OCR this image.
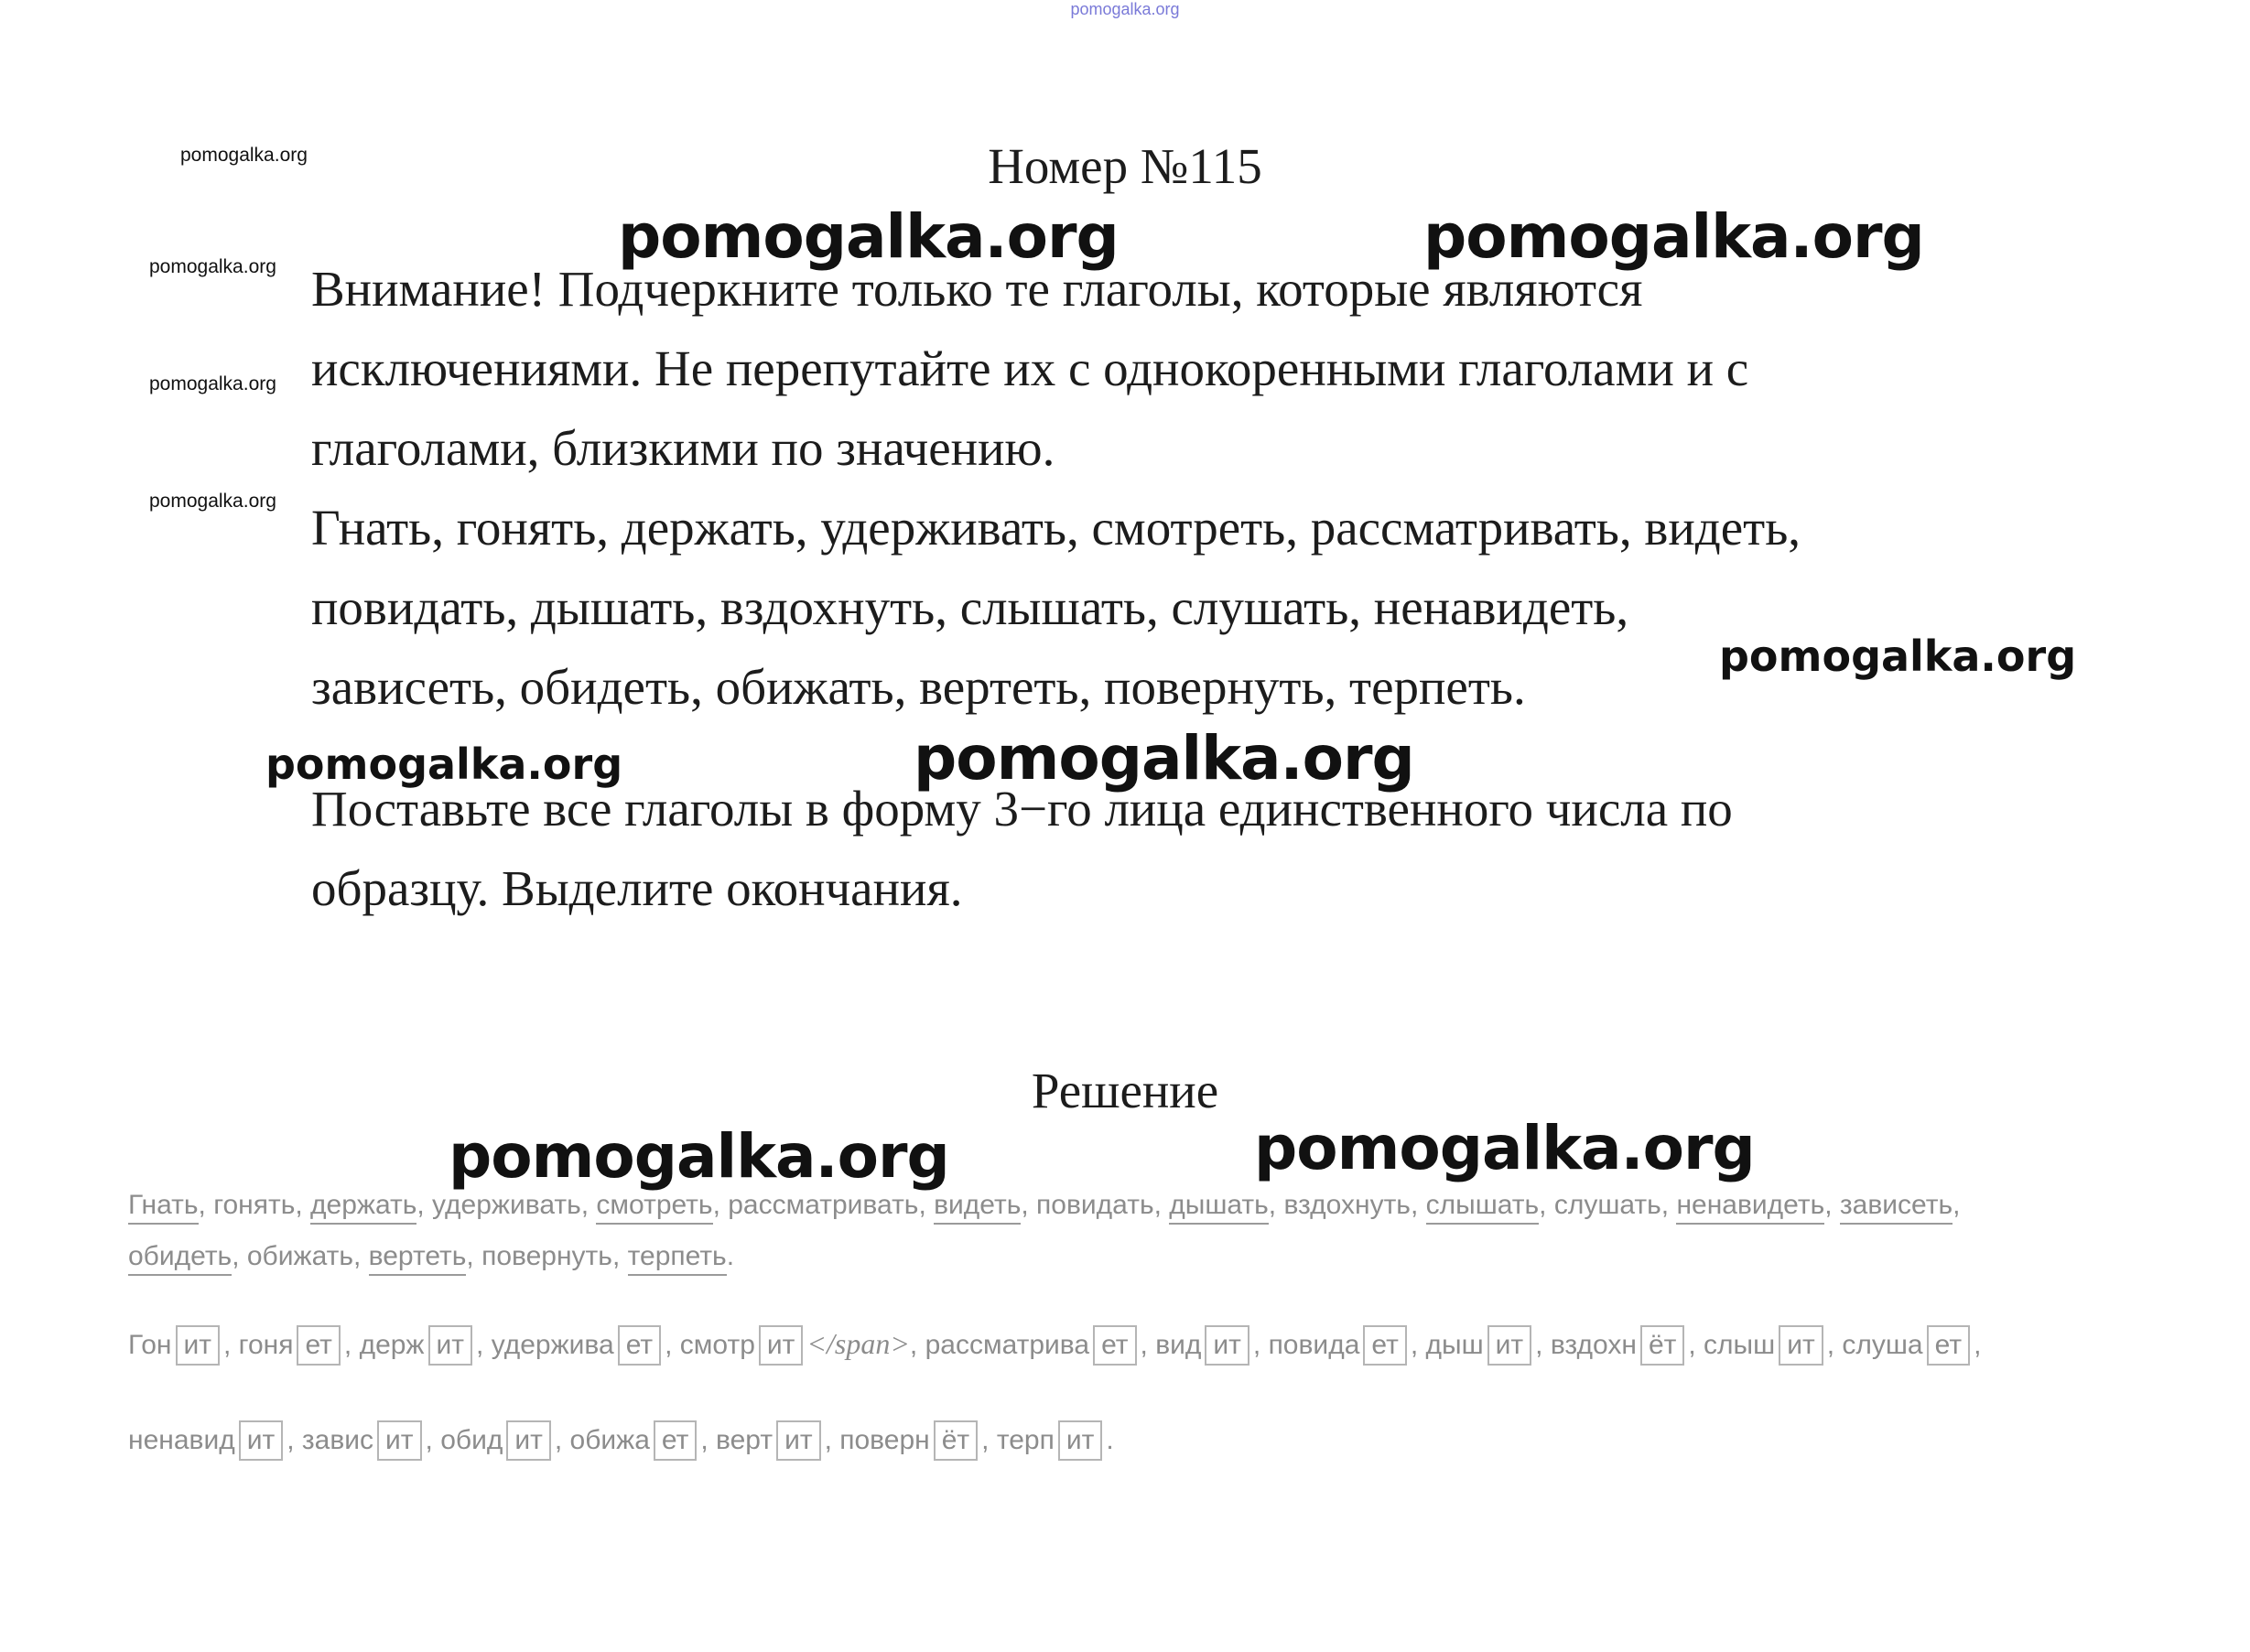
pomogalka.org
pomogalka.org
pomogalka.org
pomogalka.org
pomogalka.org
Номер №115
Внимание! Подчеркните только те глаголы, которые являются
исключениями. Не перепутайте их с однокоренными глаголами и с
глаголами, близкими по значению.
Гнать, гонять, держать, удерживать, смотреть, рассматривать, видеть,
повидать, дышать, вздохнуть, слышать, слушать, ненавидеть,
зависеть, обидеть, обижать, вертеть, повернуть, терпеть.
Поставьте все глаголы в форму 3−го лица единственного числа по
образцу. Выделите окончания.
pomogalka.org	pomogalka.org
pomogalka.org
pomogalka.org	pomogalka.org
Решение
pomogalka.org	pomogalka.org
Гнать, гонять, держать, удерживать, смотреть, рассматривать, видеть, повидать, дышать, вздохнуть, слышать, слушать, ненавидеть, зависеть,
обидеть, обижать, вертеть, повернуть, терпеть.
Гон ит , гоня ет , держ ит , удержива ет , смотр ит </span>, рассматрива ет , вид ит , повида ет , дыш ит , вздохн ёт , слыш ит , слуша ет ,
ненавид ит , завис ит , обид ит , обижа ет , верт ит , поверн ёт , терп ит .
